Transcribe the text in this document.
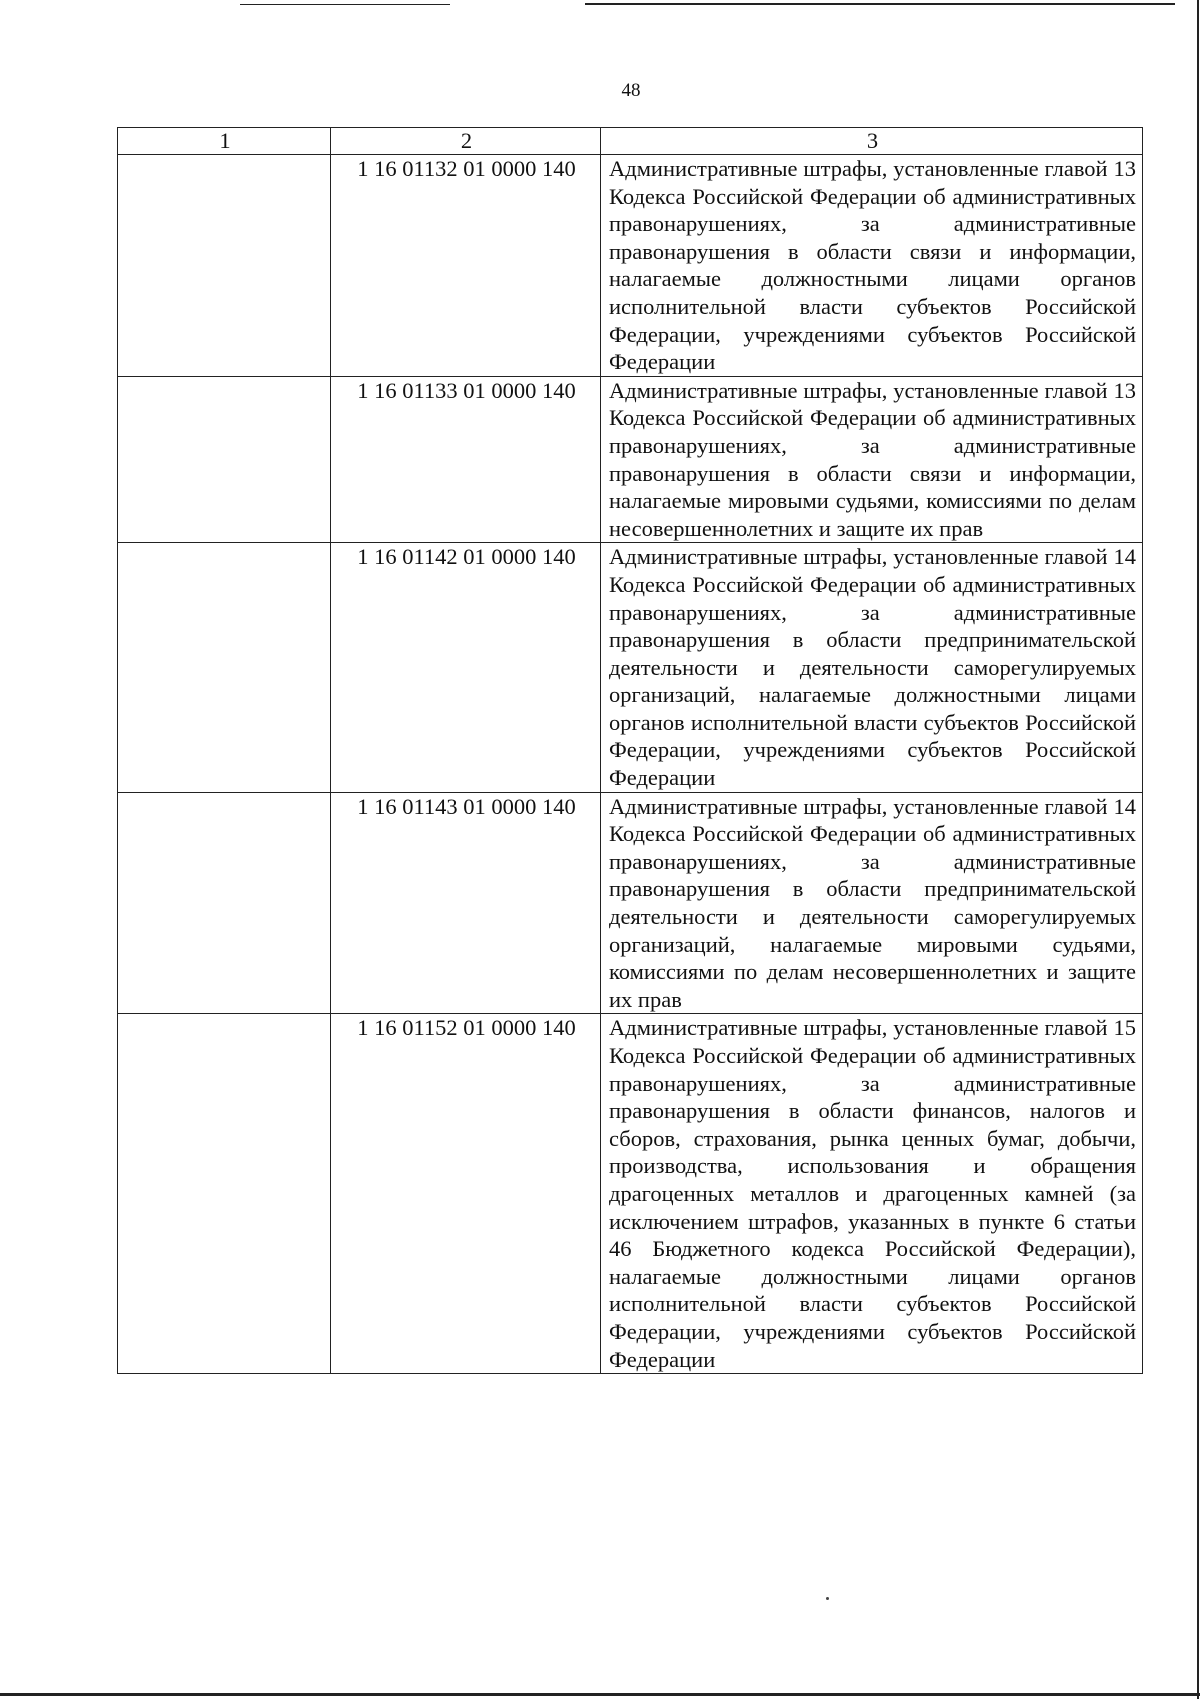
48
1	2	3
	1 16 01132 01 0000 140	Административные штрафы, установленные главой 13 Кодекса Российской Федерации об административных правонарушениях, за административные правонарушения в области связи и информации, налагаемые должностными лицами органов исполнительной власти субъектов Российской Федерации, учреждениями субъектов Российской Федерации
	1 16 01133 01 0000 140	Административные штрафы, установленные главой 13 Кодекса Российской Федерации об административных правонарушениях, за административные правонарушения в области связи и информации, налагаемые мировыми судьями, комиссиями по делам несовершеннолетних и защите их прав
	1 16 01142 01 0000 140	Административные штрафы, установленные главой 14 Кодекса Российской Федерации об административных правонарушениях, за административные правонарушения в области предпринимательской деятельности и деятельности саморегулируемых организаций, налагаемые должностными лицами органов исполнительной власти субъектов Российской Федерации, учреждениями субъектов Российской Федерации
	1 16 01143 01 0000 140	Административные штрафы, установленные главой 14 Кодекса Российской Федерации об административных правонарушениях, за административные правонарушения в области предпринимательской деятельности и деятельности саморегулируемых организаций, налагаемые мировыми судьями, комиссиями по делам несовершеннолетних и защите их прав
	1 16 01152 01 0000 140	Административные штрафы, установленные главой 15 Кодекса Российской Федерации об административных правонарушениях, за административные правонарушения в области финансов, налогов и сборов, страхования, рынка ценных бумаг, добычи, производства, использования и обращения драгоценных металлов и драгоценных камней (за исключением штрафов, указанных в пункте 6 статьи 46 Бюджетного кодекса Российской Федерации), налагаемые должностными лицами органов исполнительной власти субъектов Российской Федерации, учреждениями субъектов Российской Федерации
